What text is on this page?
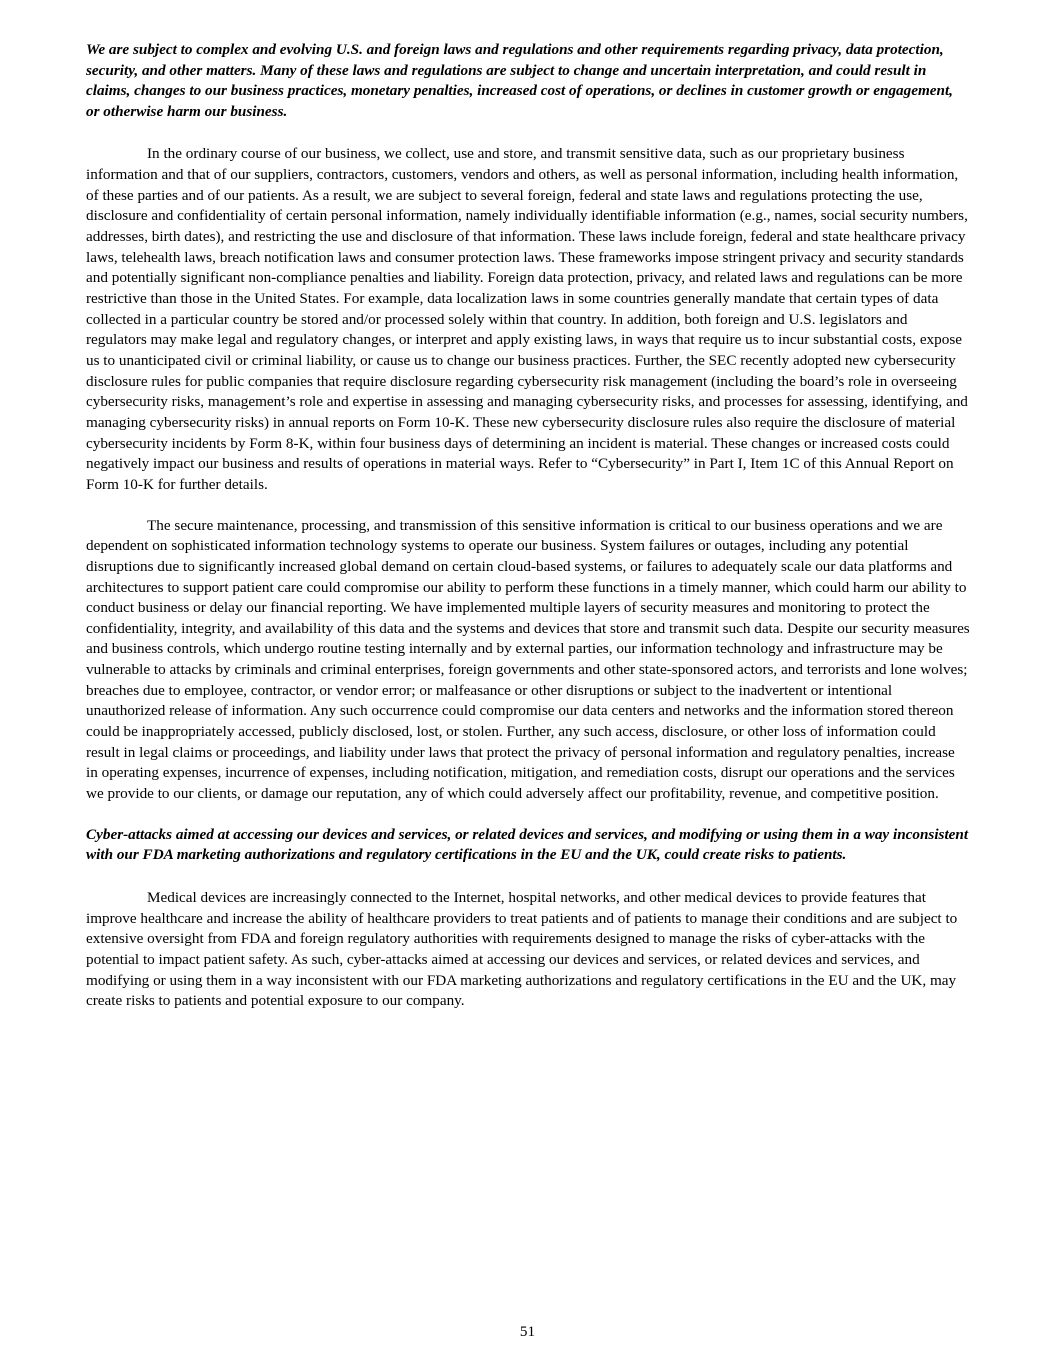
We are subject to complex and evolving U.S. and foreign laws and regulations and other requirements regarding privacy, data protection, security, and other matters. Many of these laws and regulations are subject to change and uncertain interpretation, and could result in claims, changes to our business practices, monetary penalties, increased cost of operations, or declines in customer growth or engagement, or otherwise harm our business.

In the ordinary course of our business, we collect, use and store, and transmit sensitive data, such as our proprietary business information and that of our suppliers, contractors, customers, vendors and others, as well as personal information, including health information, of these parties and of our patients. As a result, we are subject to several foreign, federal and state laws and regulations protecting the use, disclosure and confidentiality of certain personal information, namely individually identifiable information (e.g., names, social security numbers, addresses, birth dates), and restricting the use and disclosure of that information. These laws include foreign, federal and state healthcare privacy laws, telehealth laws, breach notification laws and consumer protection laws. These frameworks impose stringent privacy and security standards and potentially significant non-compliance penalties and liability. Foreign data protection, privacy, and related laws and regulations can be more restrictive than those in the United States. For example, data localization laws in some countries generally mandate that certain types of data collected in a particular country be stored and/or processed solely within that country. In addition, both foreign and U.S. legislators and regulators may make legal and regulatory changes, or interpret and apply existing laws, in ways that require us to incur substantial costs, expose us to unanticipated civil or criminal liability, or cause us to change our business practices. Further, the SEC recently adopted new cybersecurity disclosure rules for public companies that require disclosure regarding cybersecurity risk management (including the board’s role in overseeing cybersecurity risks, management’s role and expertise in assessing and managing cybersecurity risks, and processes for assessing, identifying, and managing cybersecurity risks) in annual reports on Form 10-K. These new cybersecurity disclosure rules also require the disclosure of material cybersecurity incidents by Form 8-K, within four business days of determining an incident is material. These changes or increased costs could negatively impact our business and results of operations in material ways. Refer to “Cybersecurity” in Part I, Item 1C of this Annual Report on Form 10-K for further details.

The secure maintenance, processing, and transmission of this sensitive information is critical to our business operations and we are dependent on sophisticated information technology systems to operate our business. System failures or outages, including any potential disruptions due to significantly increased global demand on certain cloud-based systems, or failures to adequately scale our data platforms and architectures to support patient care could compromise our ability to perform these functions in a timely manner, which could harm our ability to conduct business or delay our financial reporting. We have implemented multiple layers of security measures and monitoring to protect the confidentiality, integrity, and availability of this data and the systems and devices that store and transmit such data. Despite our security measures and business controls, which undergo routine testing internally and by external parties, our information technology and infrastructure may be vulnerable to attacks by criminals and criminal enterprises, foreign governments and other state-sponsored actors, and terrorists and lone wolves; breaches due to employee, contractor, or vendor error; or malfeasance or other disruptions or subject to the inadvertent or intentional unauthorized release of information. Any such occurrence could compromise our data centers and networks and the information stored thereon could be inappropriately accessed, publicly disclosed, lost, or stolen. Further, any such access, disclosure, or other loss of information could result in legal claims or proceedings, and liability under laws that protect the privacy of personal information and regulatory penalties, increase in operating expenses, incurrence of expenses, including notification, mitigation, and remediation costs, disrupt our operations and the services we provide to our clients, or damage our reputation, any of which could adversely affect our profitability, revenue, and competitive position.

Cyber-attacks aimed at accessing our devices and services, or related devices and services, and modifying or using them in a way inconsistent with our FDA marketing authorizations and regulatory certifications in the EU and the UK, could create risks to patients.

Medical devices are increasingly connected to the Internet, hospital networks, and other medical devices to provide features that improve healthcare and increase the ability of healthcare providers to treat patients and of patients to manage their conditions and are subject to extensive oversight from FDA and foreign regulatory authorities with requirements designed to manage the risks of cyber-attacks with the potential to impact patient safety. As such, cyber-attacks aimed at accessing our devices and services, or related devices and services, and modifying or using them in a way inconsistent with our FDA marketing authorizations and regulatory certifications in the EU and the UK, may create risks to patients and potential exposure to our company.

51
